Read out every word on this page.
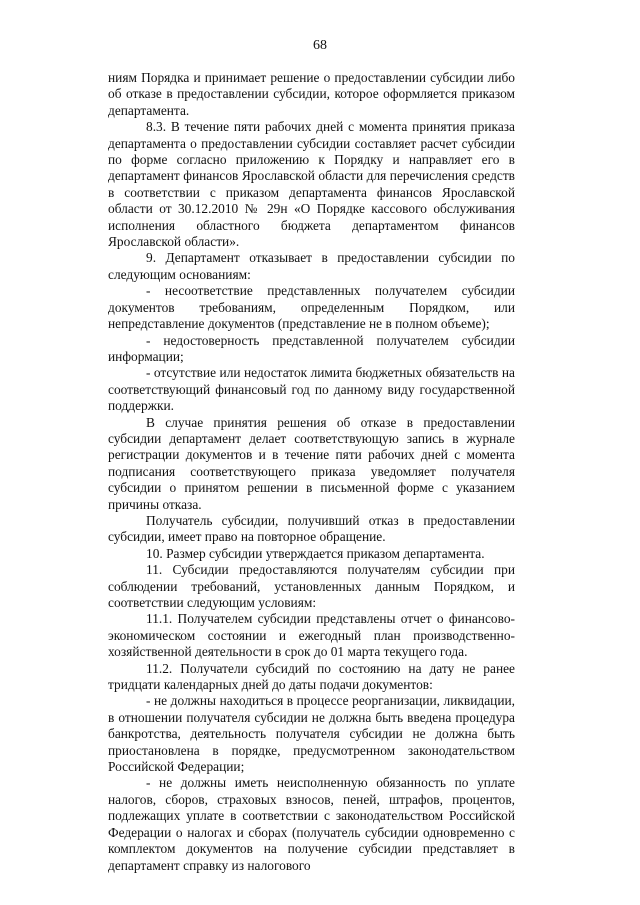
68

ниям Порядка и принимает решение о предоставлении субсидии либо об отказе в предоставлении субсидии, которое оформляется приказом департамента.

8.3. В течение пяти рабочих дней с момента принятия приказа департамента о предоставлении субсидии составляет расчет субсидии по форме согласно приложению к Порядку и направляет его в департамент финансов Ярославской области для перечисления средств в соответствии с приказом департамента финансов Ярославской области от 30.12.2010 № 29н «О Порядке кассового обслуживания исполнения областного бюджета департаментом финансов Ярославской области».

9. Департамент отказывает в предоставлении субсидии по следующим основаниям:

- несоответствие представленных получателем субсидии документов требованиям, определенным Порядком, или непредставление документов (представление не в полном объеме);

- недостоверность представленной получателем субсидии информации;

- отсутствие или недостаток лимита бюджетных обязательств на соответствующий финансовый год по данному виду государственной поддержки.

В случае принятия решения об отказе в предоставлении субсидии департамент делает соответствующую запись в журнале регистрации документов и в течение пяти рабочих дней с момента подписания соответствующего приказа уведомляет получателя субсидии о принятом решении в письменной форме с указанием причины отказа.

Получатель субсидии, получивший отказ в предоставлении субсидии, имеет право на повторное обращение.

10. Размер субсидии утверждается приказом департамента.

11. Субсидии предоставляются получателям субсидии при соблюдении требований, установленных данным Порядком, и соответствии следующим условиям:

11.1. Получателем субсидии представлены отчет о финансово-экономическом состоянии и ежегодный план производственно-хозяйственной деятельности в срок до 01 марта текущего года.

11.2. Получатели субсидий по состоянию на дату не ранее тридцати календарных дней до даты подачи документов:

- не должны находиться в процессе реорганизации, ликвидации, в отношении получателя субсидии не должна быть введена процедура банкротства, деятельность получателя субсидии не должна быть приостановлена в порядке, предусмотренном законодательством Российской Федерации;

- не должны иметь неисполненную обязанность по уплате налогов, сборов, страховых взносов, пеней, штрафов, процентов, подлежащих уплате в соответствии с законодательством Российской Федерации о налогах и сборах (получатель субсидии одновременно с комплектом документов на получение субсидии представляет в департамент справку из налогового
